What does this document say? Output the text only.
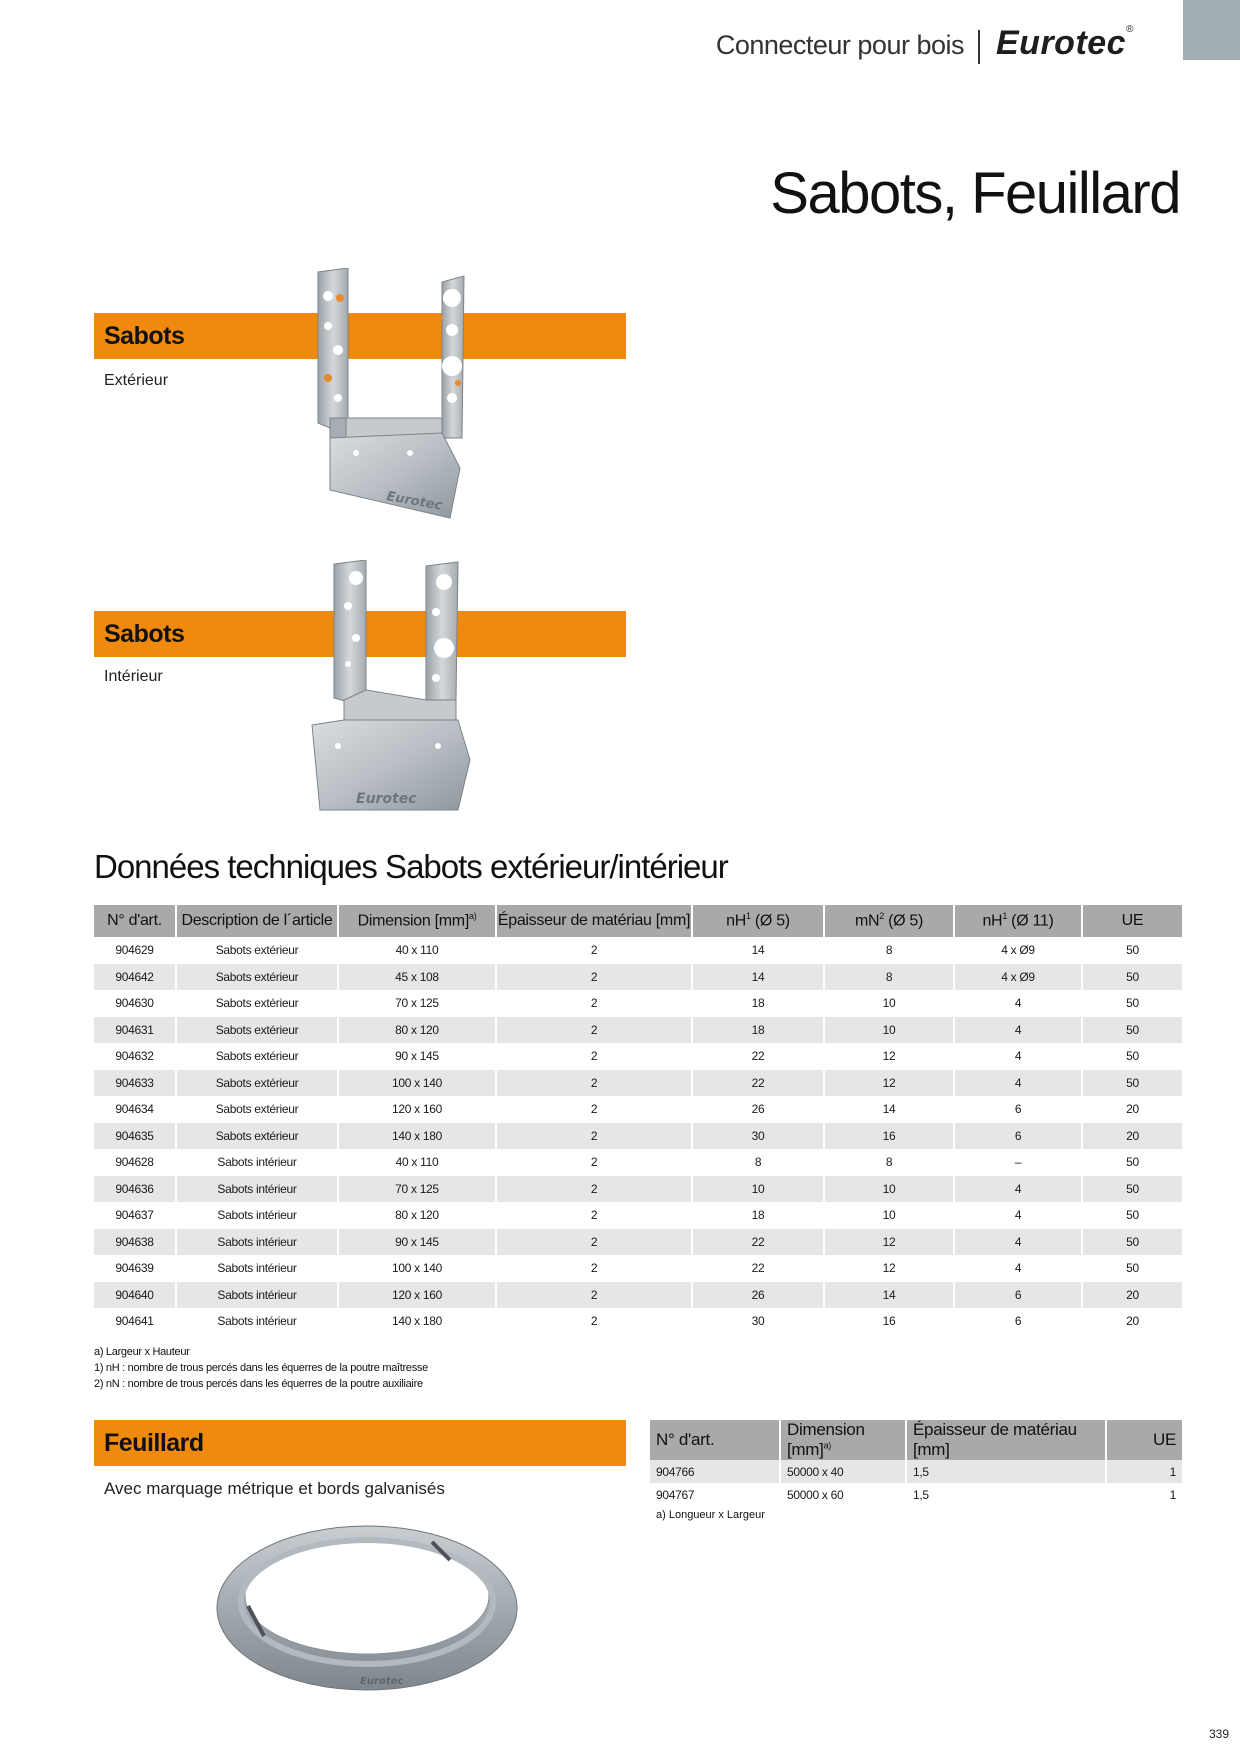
Connecteur pour bois Eurotec®
Sabots, Feuillard
Sabots
Extérieur
Eurotec
Sabots
Intérieur
Eurotec
Données techniques Sabots extérieur/intérieur
N° d'art.	Description de l´article	Dimension [mm]$^{a)}$	Épaisseur de matériau [mm]	$nH^1$ (Ø 5)	$mN^2$ (Ø 5)	$nH^1$ (Ø 11)	UE
904629	Sabots extérieur	40 x 110	2	14	8	4 x Ø9	50
904642	Sabots extérieur	45 x 108	2	14	8	4 x Ø9	50
904630	Sabots extérieur	70 x 125	2	18	10	4	50
904631	Sabots extérieur	80 x 120	2	18	10	4	50
904632	Sabots extérieur	90 x 145	2	22	12	4	50
904633	Sabots extérieur	100 x 140	2	22	12	4	50
904634	Sabots extérieur	120 x 160	2	26	14	6	20
904635	Sabots extérieur	140 x 180	2	30	16	6	20
904628	Sabots intérieur	40 x 110	2	8	8	–	50
904636	Sabots intérieur	70 x 125	2	10	10	4	50
904637	Sabots intérieur	80 x 120	2	18	10	4	50
904638	Sabots intérieur	90 x 145	2	22	12	4	50
904639	Sabots intérieur	100 x 140	2	22	12	4	50
904640	Sabots intérieur	120 x 160	2	26	14	6	20
904641	Sabots intérieur	140 x 180	2	30	16	6	20
a) Largeur x Hauteur
1) nH : nombre de trous percés dans les équerres de la poutre maîtresse
2) nN : nombre de trous percés dans les équerres de la poutre auxiliaire
Feuillard
Avec marquage métrique et bords galvanisés
Eurotec
N° d'art.	Dimension [mm]$^{a)}$	Épaisseur de matériau [mm]	UE
904766	50000 x 40	1,5	1
904767	50000 x 60	1,5	1
a) Longueur x Largeur
339
